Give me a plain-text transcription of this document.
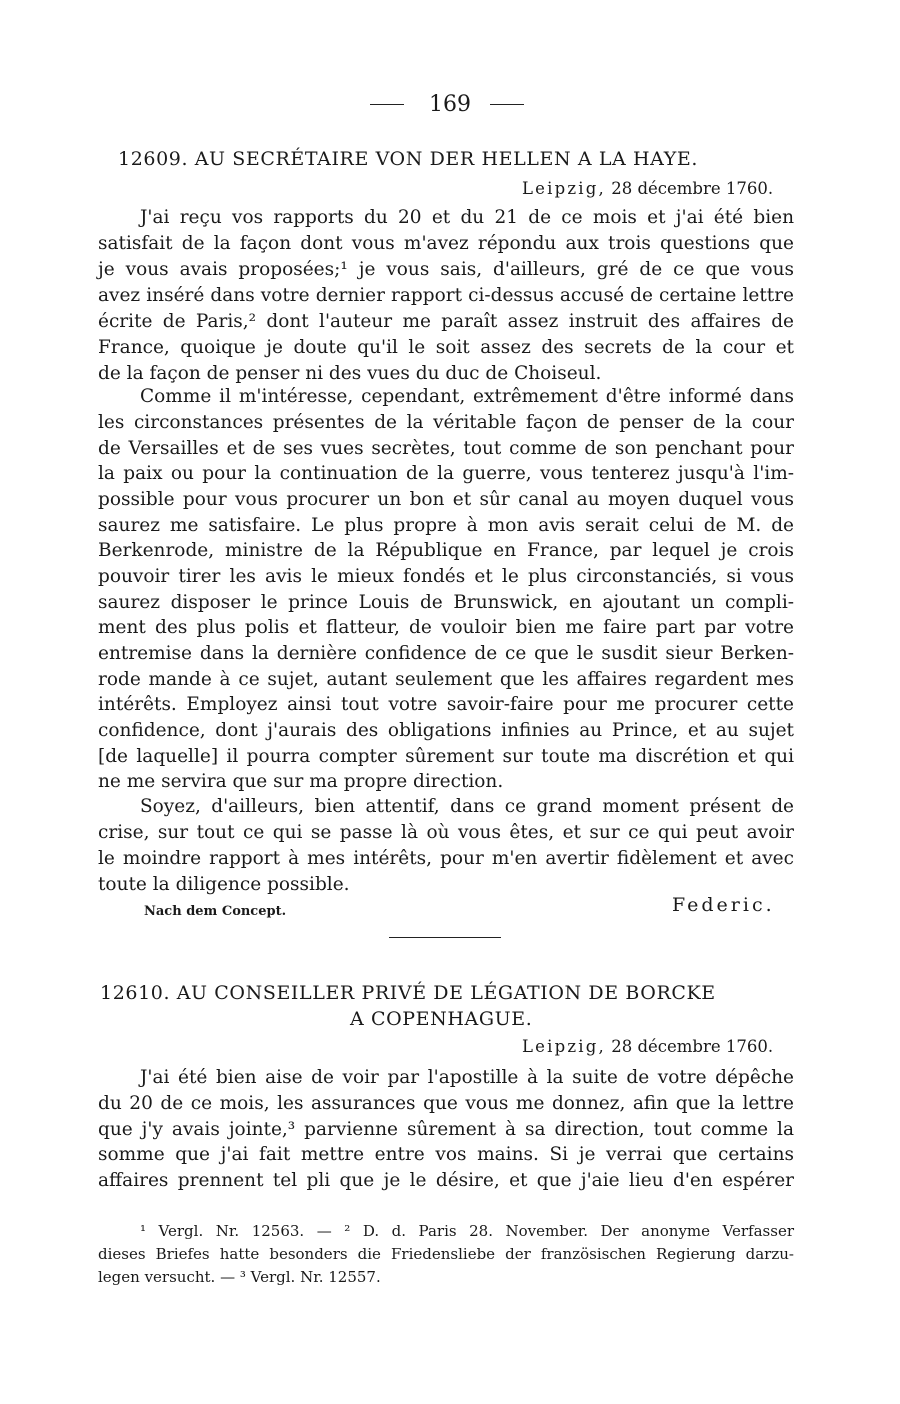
169
12609. AU SECRÉTAIRE VON DER HELLEN A LA HAYE.
Leipzig, 28 décembre 1760.
J'ai reçu vos rapports du 20 et du 21 de ce mois et j'ai été bien
satisfait de la façon dont vous m'avez répondu aux trois questions que
je vous avais proposées;¹ je vous sais, d'ailleurs, gré de ce que vous
avez inséré dans votre dernier rapport ci-dessus accusé de certaine lettre
écrite de Paris,² dont l'auteur me paraît assez instruit des affaires de
France, quoique je doute qu'il le soit assez des secrets de la cour et
de la façon de penser ni des vues du duc de Choiseul.
Comme il m'intéresse, cependant, extrêmement d'être informé dans
les circonstances présentes de la véritable façon de penser de la cour
de Versailles et de ses vues secrètes, tout comme de son penchant pour
la paix ou pour la continuation de la guerre, vous tenterez jusqu'à l'im-
possible pour vous procurer un bon et sûr canal au moyen duquel vous
saurez me satisfaire. Le plus propre à mon avis serait celui de M. de
Berkenrode, ministre de la République en France, par lequel je crois
pouvoir tirer les avis le mieux fondés et le plus circonstanciés, si vous
saurez disposer le prince Louis de Brunswick, en ajoutant un compli-
ment des plus polis et flatteur, de vouloir bien me faire part par votre
entremise dans la dernière confidence de ce que le susdit sieur Berken-
rode mande à ce sujet, autant seulement que les affaires regardent mes
intérêts. Employez ainsi tout votre savoir-faire pour me procurer cette
confidence, dont j'aurais des obligations infinies au Prince, et au sujet
[de laquelle] il pourra compter sûrement sur toute ma discrétion et qui
ne me servira que sur ma propre direction.
Soyez, d'ailleurs, bien attentif, dans ce grand moment présent de
crise, sur tout ce qui se passe là où vous êtes, et sur ce qui peut avoir
le moindre rapport à mes intérêts, pour m'en avertir fidèlement et avec
toute la diligence possible.
Nach dem Concept.	Federic.
12610. AU CONSEILLER PRIVÉ DE LÉGATION DE BORCKE
A COPENHAGUE.
Leipzig, 28 décembre 1760.
J'ai été bien aise de voir par l'apostille à la suite de votre dépêche
du 20 de ce mois, les assurances que vous me donnez, afin que la lettre
que j'y avais jointe,³ parvienne sûrement à sa direction, tout comme la
somme que j'ai fait mettre entre vos mains. Si je verrai que certains
affaires prennent tel pli que je le désire, et que j'aie lieu d'en espérer
¹ Vergl. Nr. 12563. — ² D. d. Paris 28. November. Der anonyme Verfasser
dieses Briefes hatte besonders die Friedensliebe der französischen Regierung darzu-
legen versucht. — ³ Vergl. Nr. 12557.
